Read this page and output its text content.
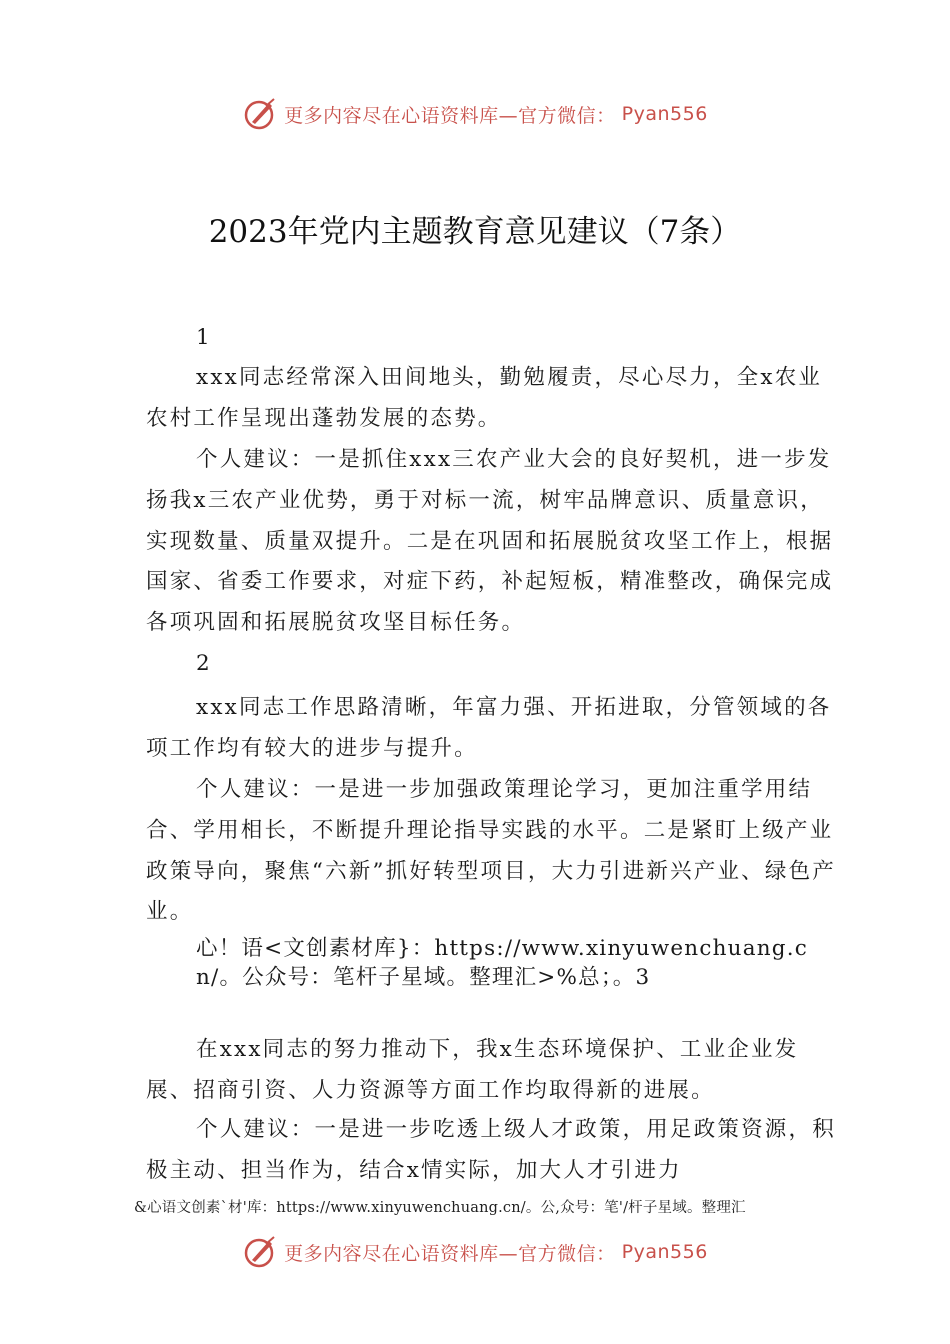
更多内容尽在心语资料库—官方微信： Pyan556
2023年党内主题教育意见建议（7条）
1

xxx同志经常深入田间地头，勤勉履责，尽心尽力，全x农业农村工作呈现出蓬勃发展的态势。

个人建议：一是抓住xxx三农产业大会的良好契机，进一步发扬我x三农产业优势，勇于对标一流，树牢品牌意识、质量意识，实现数量、质量双提升。二是在巩固和拓展脱贫攻坚工作上，根据国家、省委工作要求，对症下药，补起短板，精准整改，确保完成各项巩固和拓展脱贫攻坚目标任务。

2

xxx同志工作思路清晰，年富力强、开拓进取，分管领域的各项工作均有较大的进步与提升。

个人建议：一是进一步加强政策理论学习，更加注重学用结合、学用相长，不断提升理论指导实践的水平。二是紧盯上级产业政策导向，聚焦“六新”抓好转型项目，大力引进新兴产业、绿色产业。

心！语<文创素材库}：https://www.xinyuwenchuang.cn/。公众号：笔杆子星域。整理汇>%总；。3

在xxx同志的努力推动下，我x生态环境保护、工业企业发展、招商引资、人力资源等方面工作均取得新的进展。

个人建议：一是进一步吃透上级人才政策，用足政策资源，积极主动、担当作为，结合x情实际，加大人才引进力

&心语文创素`材'库：https://www.xinyuwenchuang.cn/。公,众号：笔'/杆子星域。整理汇
更多内容尽在心语资料库—官方微信： Pyan556
